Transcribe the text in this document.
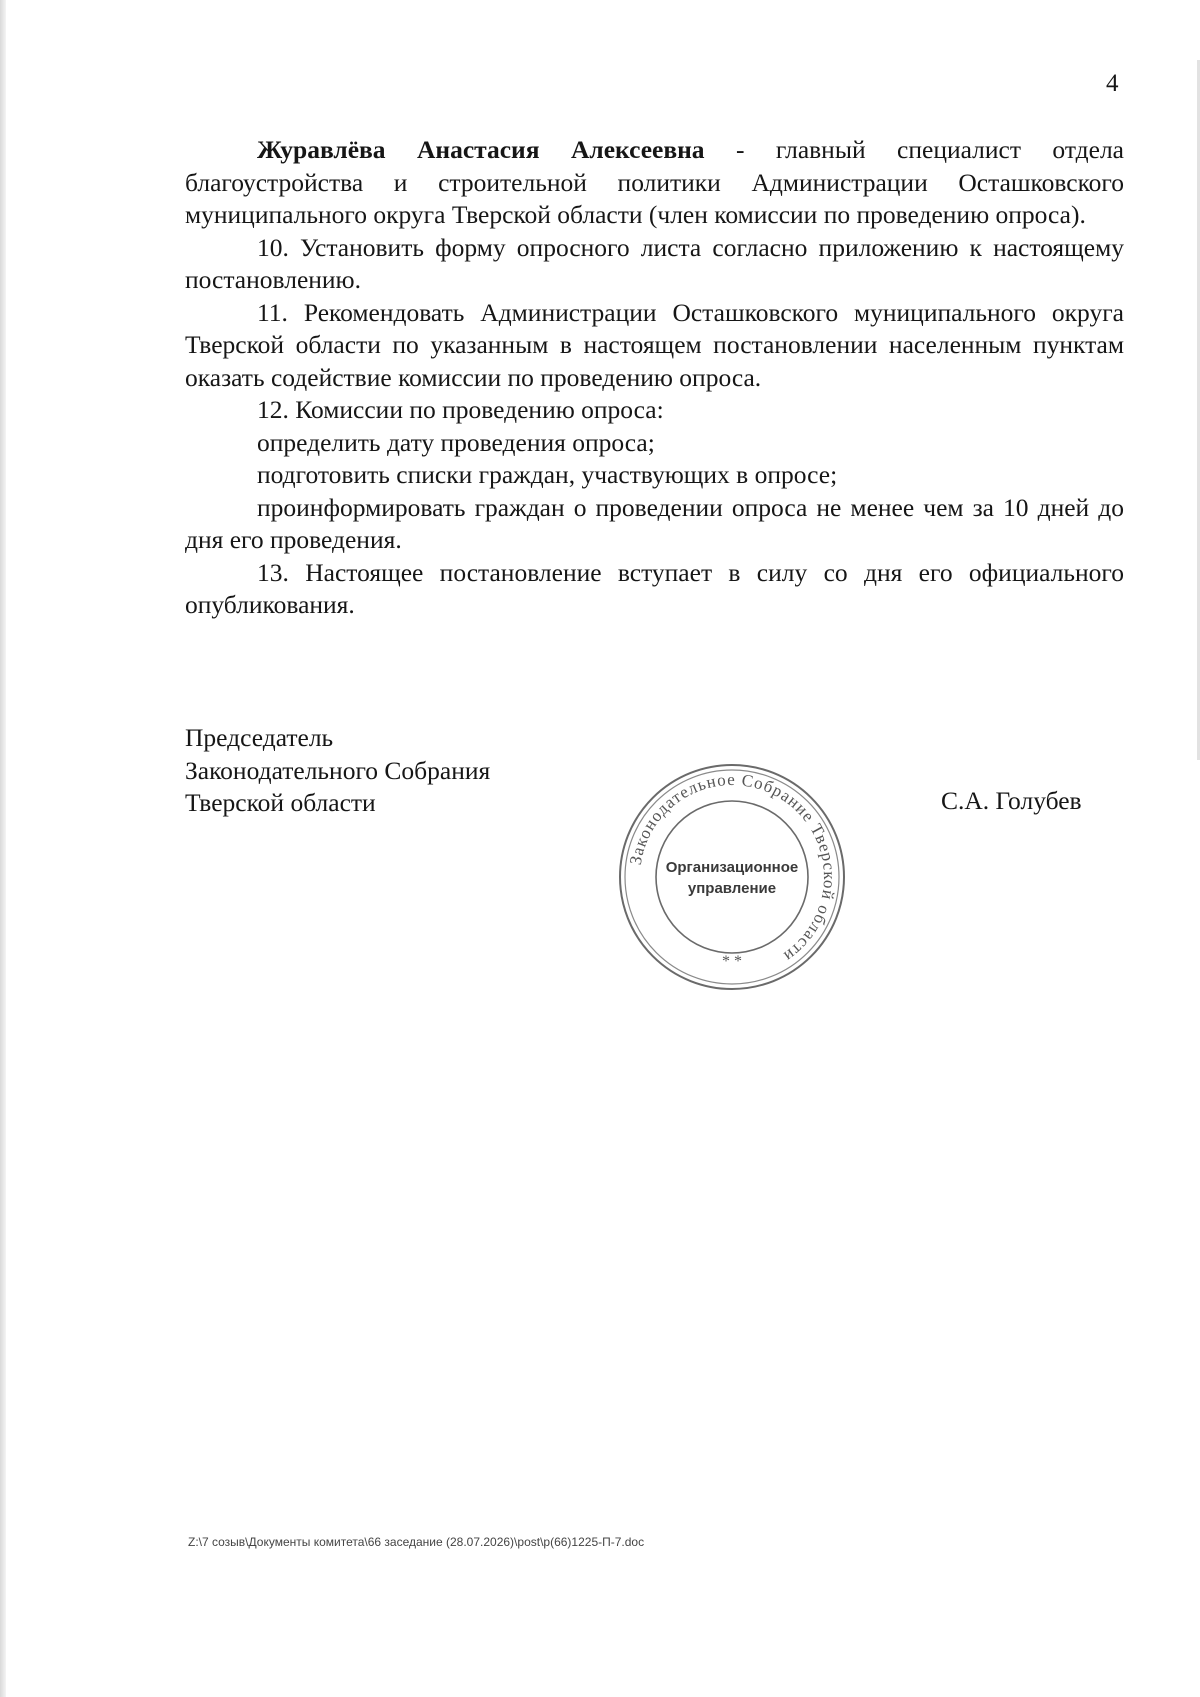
4

Журавлёва Анастасия Алексеевна - главный специалист отдела благоустройства и строительной политики Администрации Осташковского муниципального округа Тверской области (член комиссии по проведению опроса).

10. Установить форму опросного листа согласно приложению к настоящему постановлению.

11. Рекомендовать Администрации Осташковского муниципального округа Тверской области по указанным в настоящем постановлении населенным пунктам оказать содействие комиссии по проведению опроса.

12. Комиссии по проведению опроса:

определить дату проведения опроса;

подготовить списки граждан, участвующих в опросе;

проинформировать граждан о проведении опроса не менее чем за 10 дней до дня его проведения.

13. Настоящее постановление вступает в силу со дня его официального опубликования.

Председатель
Законодательного Собрания
Тверской области
Законодательное Собрание Тверской области
* *
Организационное
управление
С.А. Голубев
Z:\7 созыв\Документы комитета\66 заседание (28.07.2026)\post\p(66)1225-П-7.doc
